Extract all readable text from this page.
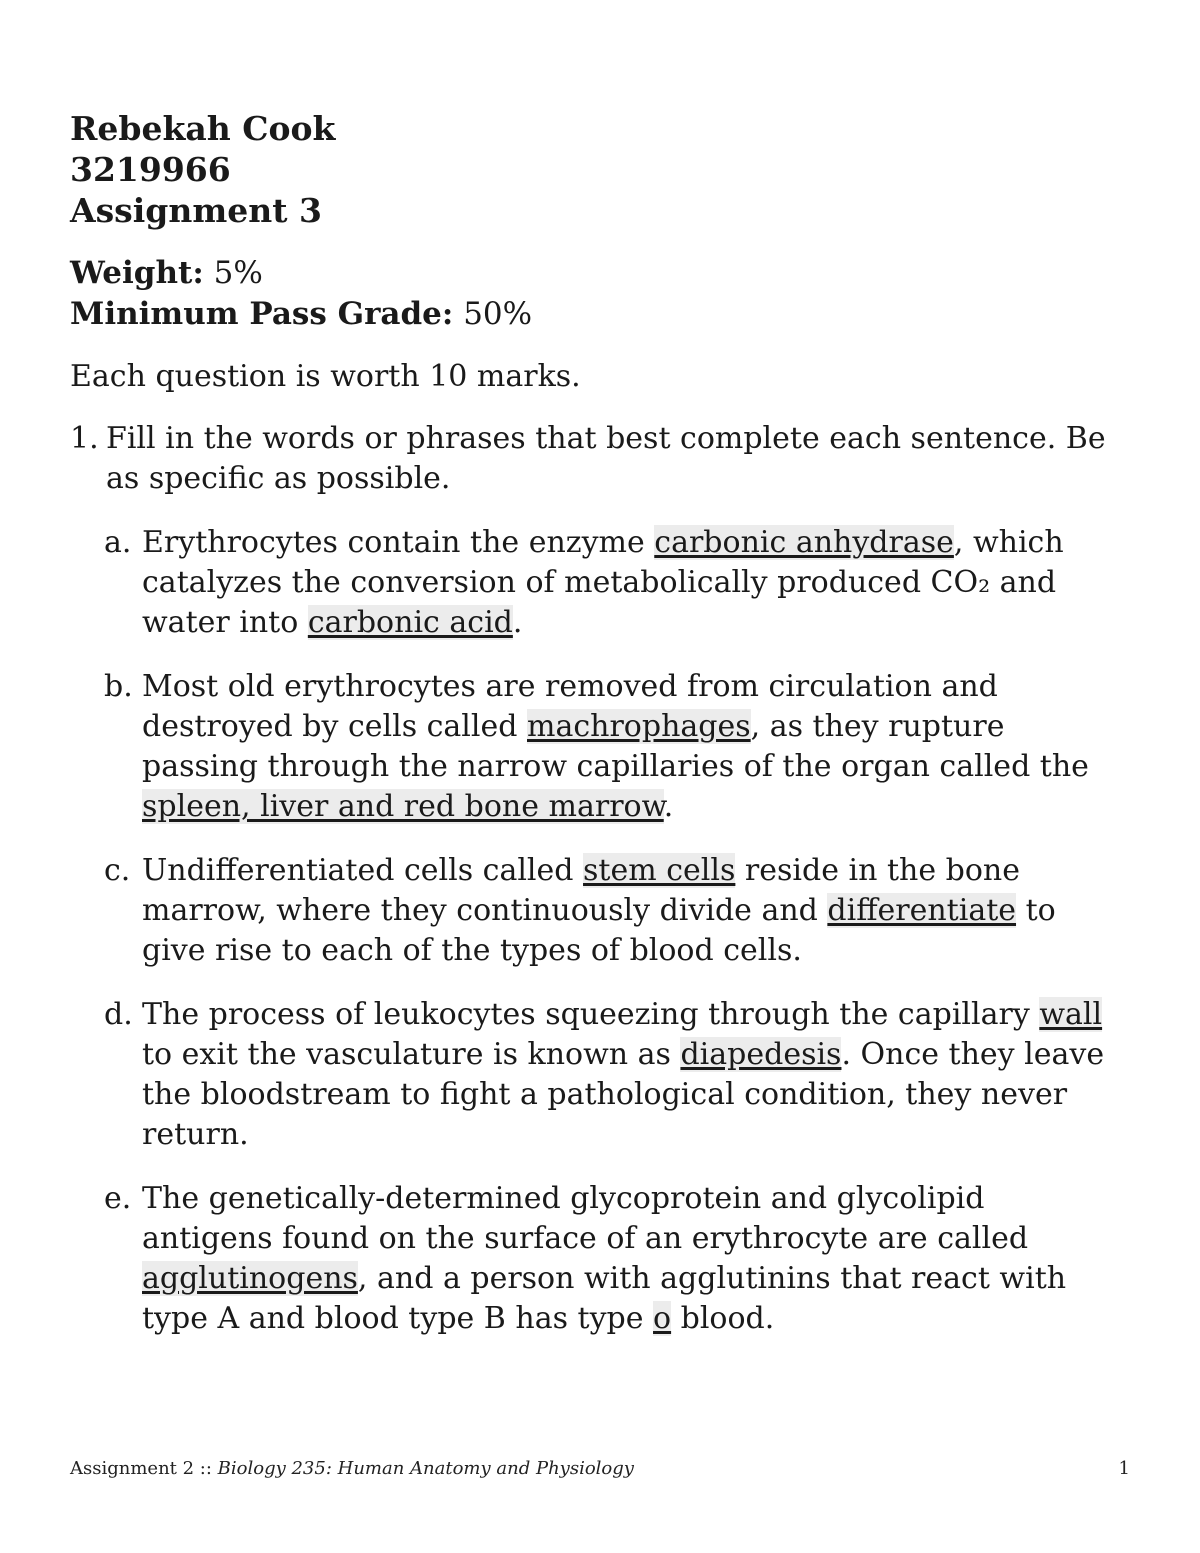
Rebekah Cook
3219966
Assignment 3
Weight: 5%
Minimum Pass Grade: 50%
Each question is worth 10 marks.
1. Fill in the words or phrases that best complete each sentence. Be as specific as possible.
a. Erythrocytes contain the enzyme carbonic anhydrase, which catalyzes the conversion of metabolically produced CO₂ and water into carbonic acid.
b. Most old erythrocytes are removed from circulation and destroyed by cells called machrophages, as they rupture passing through the narrow capillaries of the organ called the spleen, liver and red bone marrow.
c. Undifferentiated cells called stem cells reside in the bone marrow, where they continuously divide and differentiate to give rise to each of the types of blood cells.
d. The process of leukocytes squeezing through the capillary wall to exit the vasculature is known as diapedesis. Once they leave the bloodstream to fight a pathological condition, they never return.
e. The genetically-determined glycoprotein and glycolipid antigens found on the surface of an erythrocyte are called agglutinogens, and a person with agglutinins that react with type A and blood type B has type o blood.
Assignment 2 :: Biology 235: Human Anatomy and Physiology	1
